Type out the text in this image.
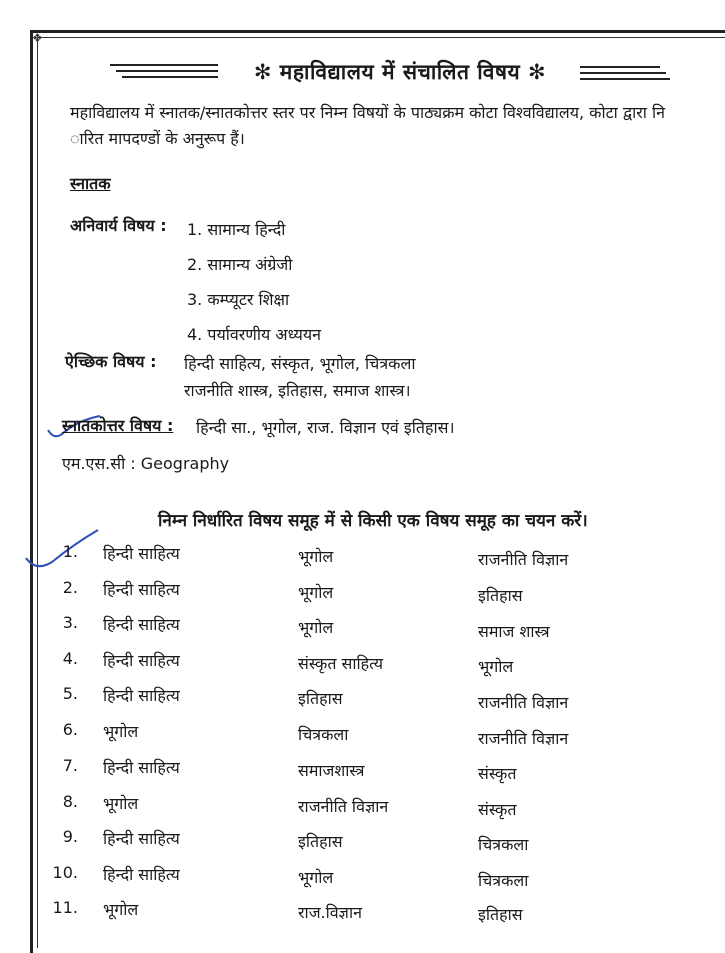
❖
✻ महाविद्यालय में संचालित विषय ✻
महाविद्यालय में स्नातक/स्नातकोत्तर स्तर पर निम्न विषयों के पाठ्यक्रम कोटा विश्वविद्यालय, कोटा द्वारा नि
ारित मापदण्डों के अनुरूप हैं।
स्नातक
अनिवार्य विषय : 1. सामान्य हिन्दी
2. सामान्य अंग्रेजी
3. कम्प्यूटर शिक्षा
4. पर्यावरणीय अध्ययन
ऐच्छिक विषय : हिन्दी साहित्य, संस्कृत, भूगोल, चित्रकला
राजनीति शास्त्र, इतिहास, समाज शास्त्र।
स्नातकोत्तर विषय : हिन्दी सा., भूगोल, राज. विज्ञान एवं इतिहास।
एम.एस.सी : Geography
निम्न निर्धारित विषय समूह में से किसी एक विषय समूह का चयन करें।
1. हिन्दी साहित्य	भूगोल	राजनीति विज्ञान
2. हिन्दी साहित्य	भूगोल	इतिहास
3. हिन्दी साहित्य	भूगोल	समाज शास्त्र
4. हिन्दी साहित्य	संस्कृत साहित्य	भूगोल
5. हिन्दी साहित्य	इतिहास	राजनीति विज्ञान
6. भूगोल	चित्रकला	राजनीति विज्ञान
7. हिन्दी साहित्य	समाजशास्त्र	संस्कृत
8. भूगोल	राजनीति विज्ञान	संस्कृत
9. हिन्दी साहित्य	इतिहास	चित्रकला
10. हिन्दी साहित्य	भूगोल	चित्रकला
11. भूगोल	राज.विज्ञान	इतिहास
